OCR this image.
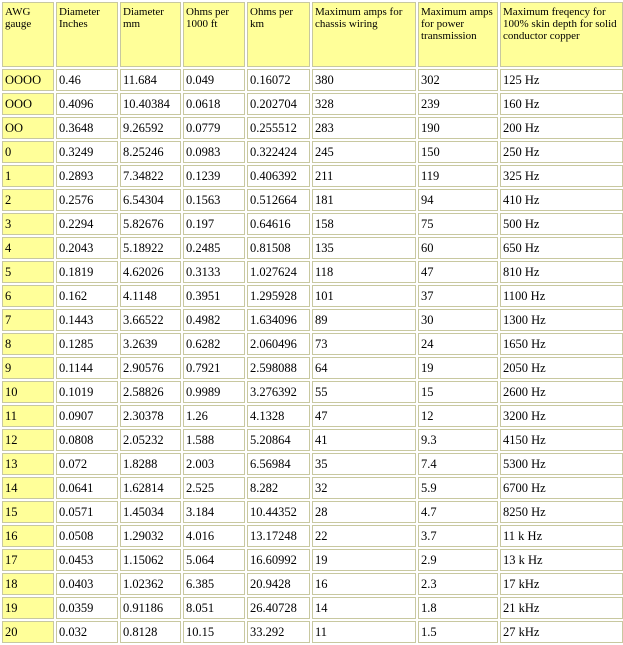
AWG gauge	Diameter Inches	Diameter mm	Ohms per 1000 ft	Ohms per km	Maximum amps for chassis wiring	Maximum amps for power transmission	Maximum freqency for 100% skin depth for solid conductor copper
OOOO	0.46	11.684	0.049	0.16072	380	302	125 Hz
OOO	0.4096	10.40384	0.0618	0.202704	328	239	160 Hz
OO	0.3648	9.26592	0.0779	0.255512	283	190	200 Hz
0	0.3249	8.25246	0.0983	0.322424	245	150	250 Hz
1	0.2893	7.34822	0.1239	0.406392	211	119	325 Hz
2	0.2576	6.54304	0.1563	0.512664	181	94	410 Hz
3	0.2294	5.82676	0.197	0.64616	158	75	500 Hz
4	0.2043	5.18922	0.2485	0.81508	135	60	650 Hz
5	0.1819	4.62026	0.3133	1.027624	118	47	810 Hz
6	0.162	4.1148	0.3951	1.295928	101	37	1100 Hz
7	0.1443	3.66522	0.4982	1.634096	89	30	1300 Hz
8	0.1285	3.2639	0.6282	2.060496	73	24	1650 Hz
9	0.1144	2.90576	0.7921	2.598088	64	19	2050 Hz
10	0.1019	2.58826	0.9989	3.276392	55	15	2600 Hz
11	0.0907	2.30378	1.26	4.1328	47	12	3200 Hz
12	0.0808	2.05232	1.588	5.20864	41	9.3	4150 Hz
13	0.072	1.8288	2.003	6.56984	35	7.4	5300 Hz
14	0.0641	1.62814	2.525	8.282	32	5.9	6700 Hz
15	0.0571	1.45034	3.184	10.44352	28	4.7	8250 Hz
16	0.0508	1.29032	4.016	13.17248	22	3.7	11 k Hz
17	0.0453	1.15062	5.064	16.60992	19	2.9	13 k Hz
18	0.0403	1.02362	6.385	20.9428	16	2.3	17 kHz
19	0.0359	0.91186	8.051	26.40728	14	1.8	21 kHz
20	0.032	0.8128	10.15	33.292	11	1.5	27 kHz
